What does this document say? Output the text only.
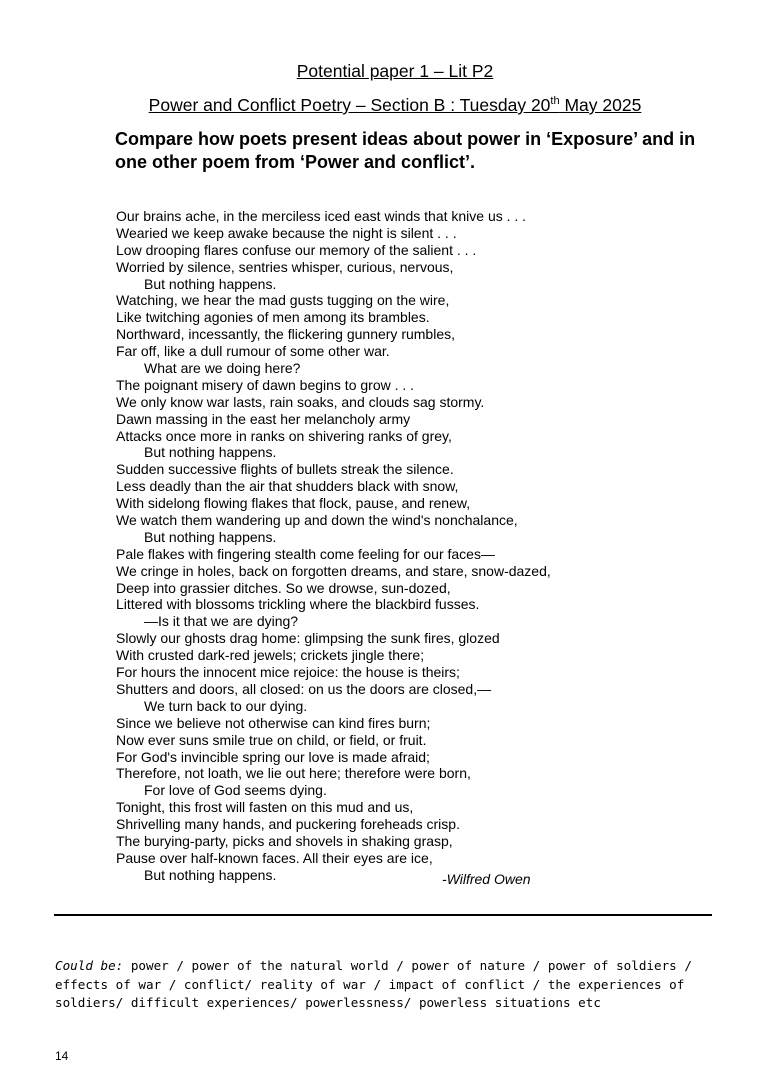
Potential paper 1 – Lit P2
Power and Conflict Poetry – Section B : Tuesday 20th May 2025
Compare how poets present ideas about power in ‘Exposure’ and in one other poem from ‘Power and conflict’.
Our brains ache, in the merciless iced east winds that knive us . . .
Wearied we keep awake because the night is silent . . .
Low drooping flares confuse our memory of the salient . . .
Worried by silence, sentries whisper, curious, nervous,
But nothing happens.
Watching, we hear the mad gusts tugging on the wire,
Like twitching agonies of men among its brambles.
Northward, incessantly, the flickering gunnery rumbles,
Far off, like a dull rumour of some other war.
What are we doing here?
The poignant misery of dawn begins to grow . . .
We only know war lasts, rain soaks, and clouds sag stormy.
Dawn massing in the east her melancholy army
Attacks once more in ranks on shivering ranks of grey,
But nothing happens.
Sudden successive flights of bullets streak the silence.
Less deadly than the air that shudders black with snow,
With sidelong flowing flakes that flock, pause, and renew,
We watch them wandering up and down the wind's nonchalance,
But nothing happens.
Pale flakes with fingering stealth come feeling for our faces—
We cringe in holes, back on forgotten dreams, and stare, snow-dazed,
Deep into grassier ditches. So we drowse, sun-dozed,
Littered with blossoms trickling where the blackbird fusses.
—Is it that we are dying?
Slowly our ghosts drag home: glimpsing the sunk fires, glozed
With crusted dark-red jewels; crickets jingle there;
For hours the innocent mice rejoice: the house is theirs;
Shutters and doors, all closed: on us the doors are closed,—
We turn back to our dying.
Since we believe not otherwise can kind fires burn;
Now ever suns smile true on child, or field, or fruit.
For God's invincible spring our love is made afraid;
Therefore, not loath, we lie out here; therefore were born,
For love of God seems dying.
Tonight, this frost will fasten on this mud and us,
Shrivelling many hands, and puckering foreheads crisp.
The burying-party, picks and shovels in shaking grasp,
Pause over half-known faces. All their eyes are ice,
But nothing happens.	-Wilfred Owen
Could be: power / power of the natural world / power of nature / power of soldiers / effects of war / conflict/ reality of war / impact of conflict / the experiences of soldiers/ difficult experiences/ powerlessness/ powerless situations etc
14
